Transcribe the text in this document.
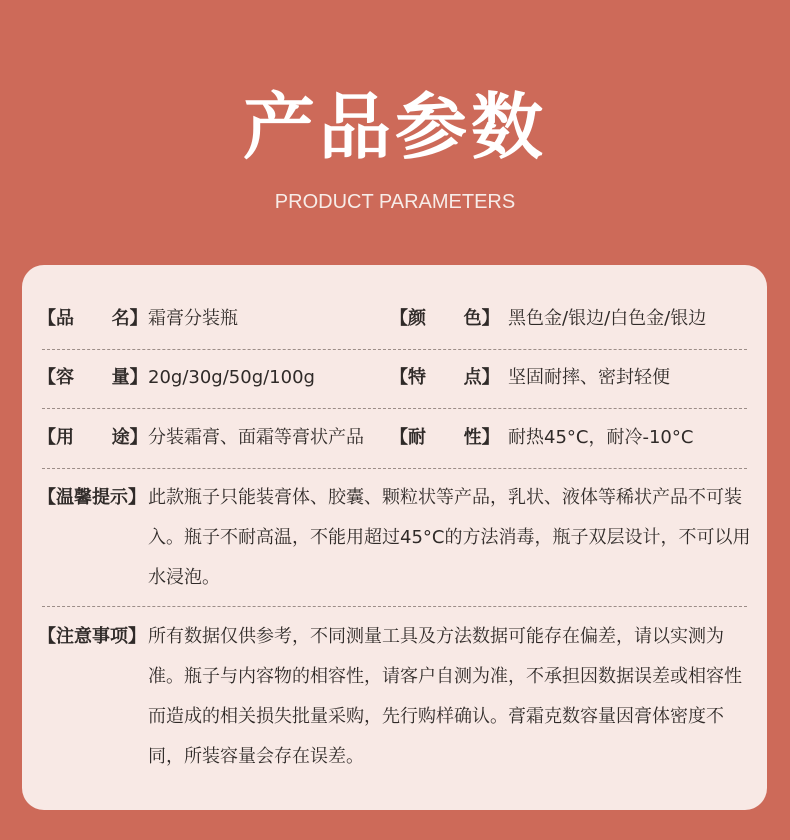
产品参数
PRODUCT PARAMETERS
【品      名】 霜膏分装瓶	【颜      色】 黑色金/银边/白色金/银边
【容      量】 20g/30g/50g/100g	【特      点】 坚固耐摔、密封轻便
【用      途】 分装霜膏、面霜等膏状产品 【耐      性】 耐热45°C，耐冷-10°C
【温馨提示】 此款瓶子只能装膏体、胶囊、颗粒状等产品，乳状、液体等稀状产品不可装入。瓶子不耐高温，不能用超过45°C的方法消毒，瓶子双层设计，不可以用水浸泡。
【注意事项】 所有数据仅供参考，不同测量工具及方法数据可能存在偏差，请以实测为准。瓶子与内容物的相容性，请客户自测为准，不承担因数据误差或相容性而造成的相关损失批量采购，先行购样确认。膏霜克数容量因膏体密度不同，所装容量会存在误差。
